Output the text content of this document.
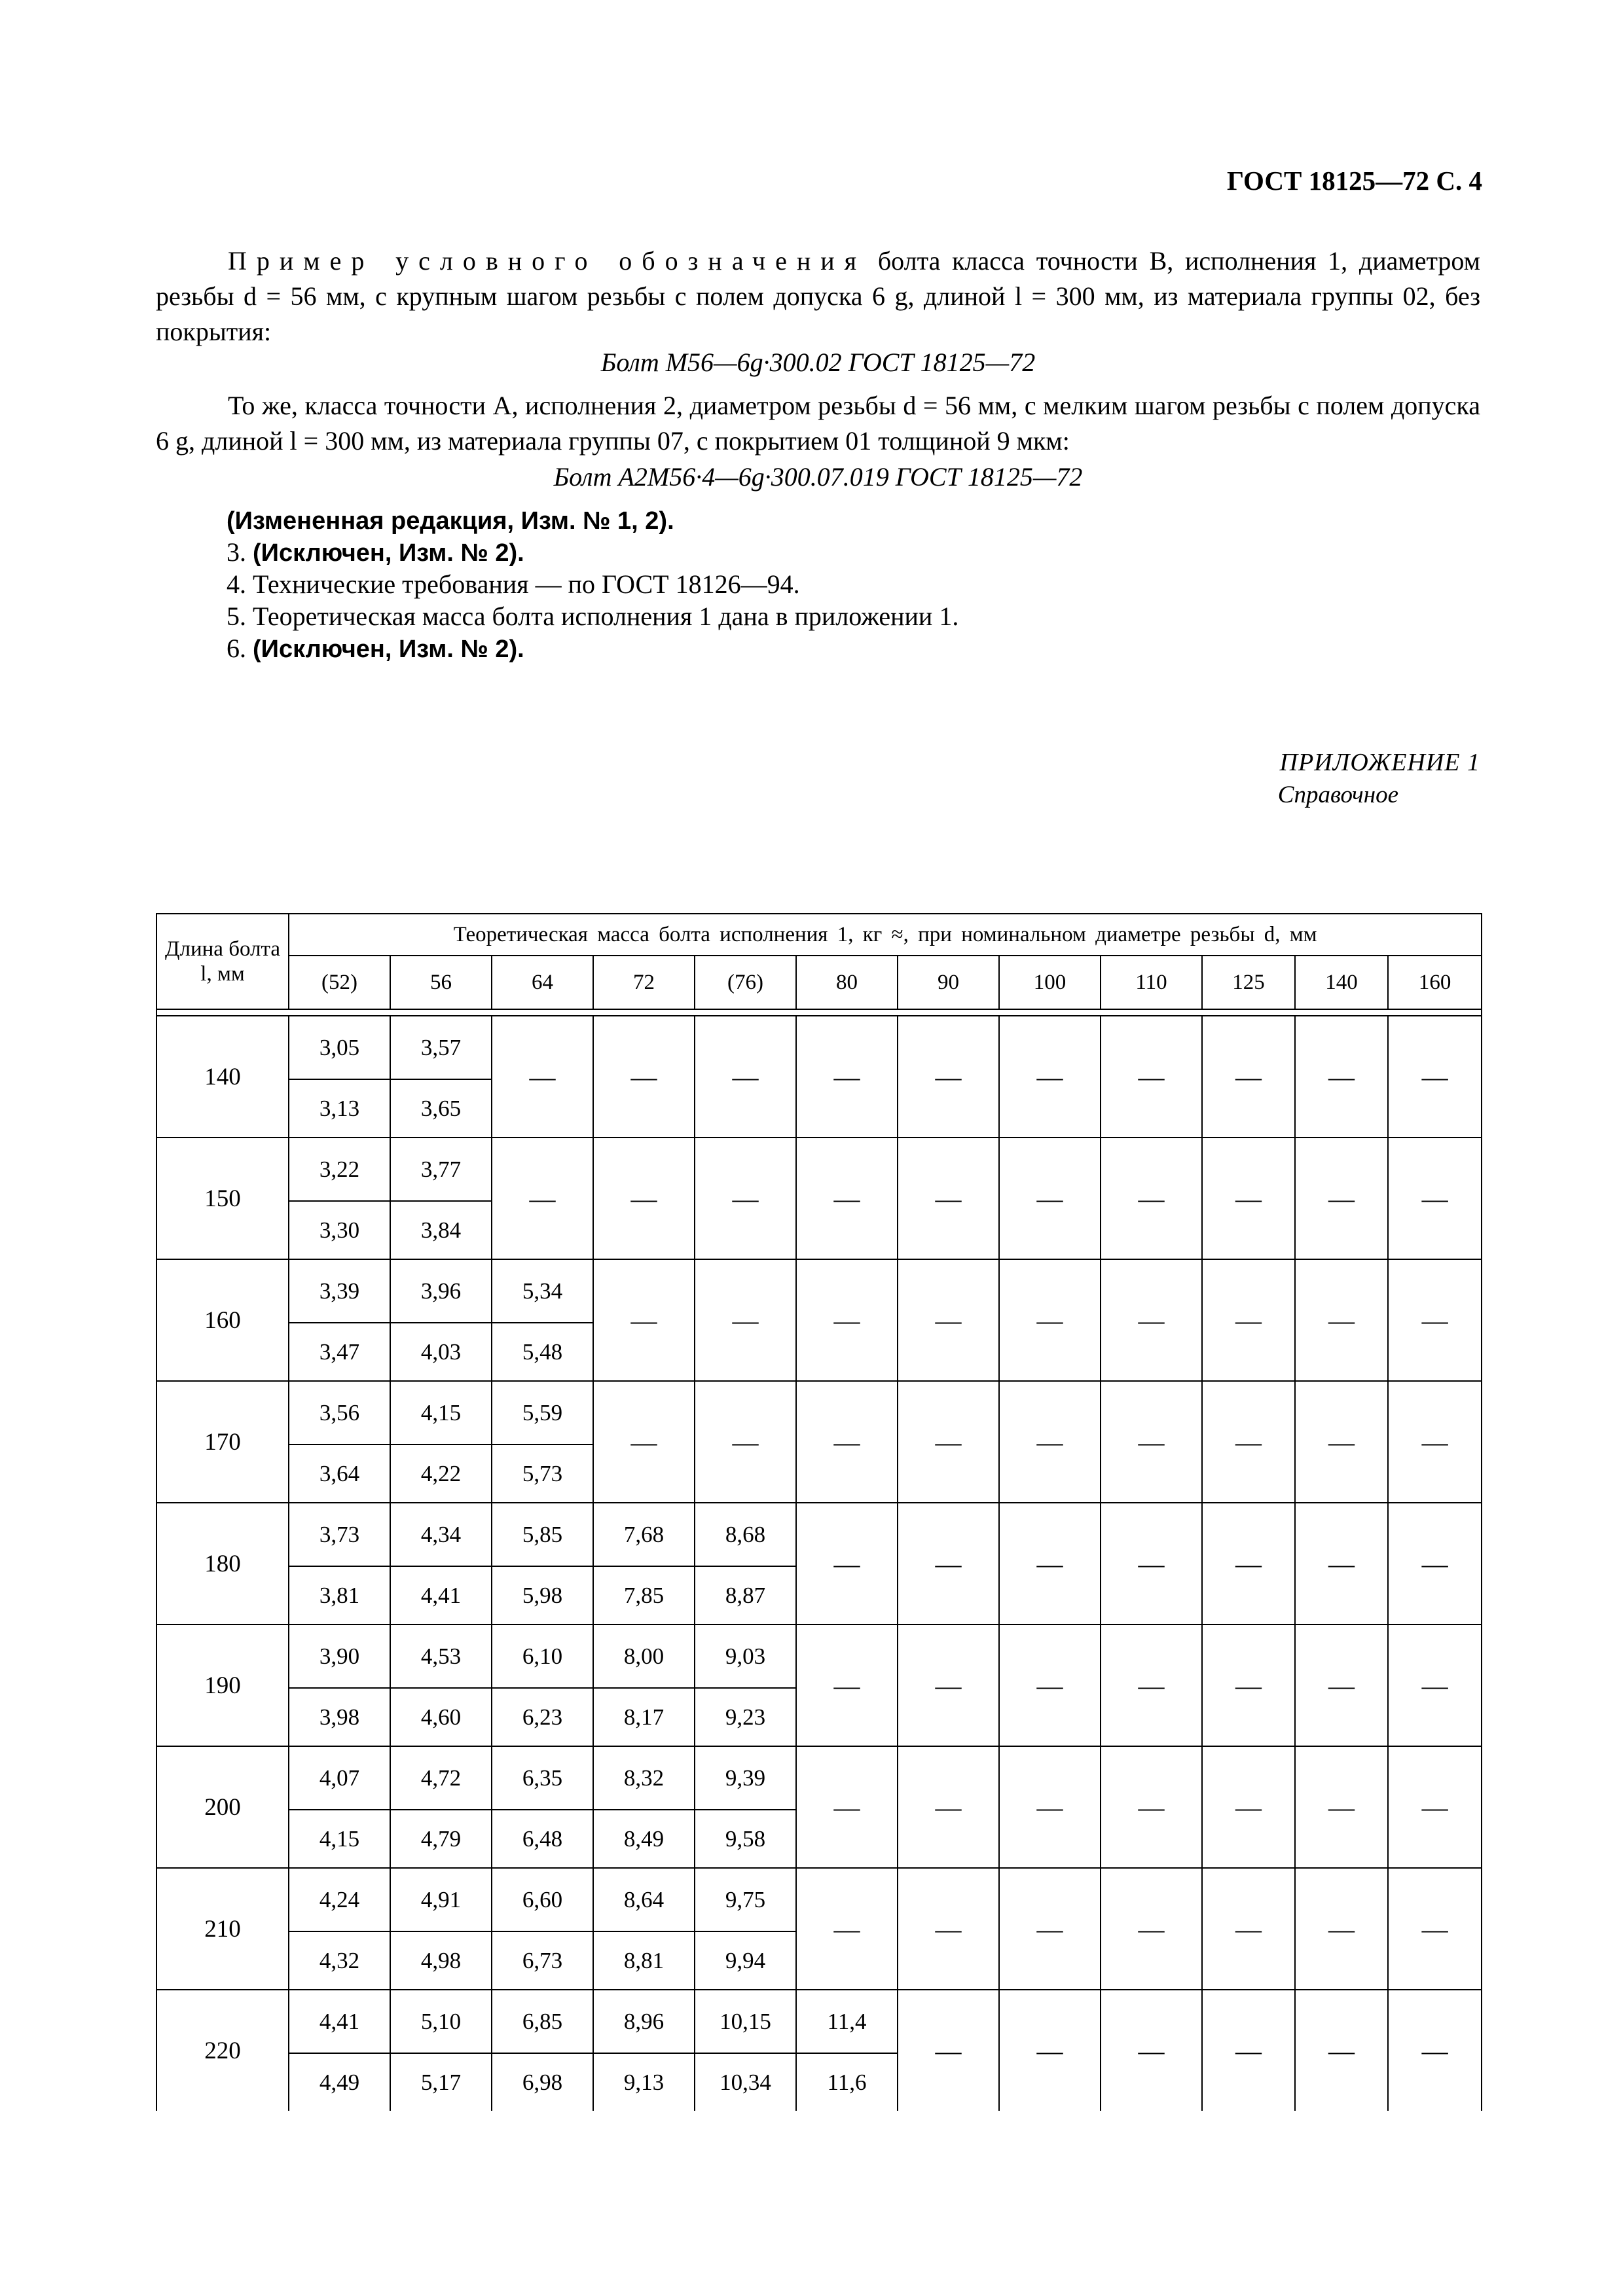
ГОСТ 18125—72 С. 4
Пример условного обозначения болта класса точности В, исполнения 1, диаметром резьбы d = 56 мм, с крупным шагом резьбы с полем допуска 6 g, длиной l = 300 мм, из материала группы 02, без покрытия:
Болт М56—6g·300.02 ГОСТ 18125—72
То же, класса точности А, исполнения 2, диаметром резьбы d = 56 мм, с мелким шагом резьбы с полем допуска 6 g, длиной l = 300 мм, из материала группы 07, с покрытием 01 толщиной 9 мкм:
Болт А2М56·4—6g·300.07.019 ГОСТ 18125—72
(Измененная редакция, Изм. № 1, 2).
3. (Исключен, Изм. № 2).
4. Технические требования — по ГОСТ 18126—94.
5. Теоретическая масса болта исполнения 1 дана в приложении 1.
6. (Исключен, Изм. № 2).
ПРИЛОЖЕНИЕ 1
Справочное
Длина болта l, мм	Теоретическая масса болта исполнения 1, кг ≈, при номинальном диаметре резьбы d, мм											
	(52)	56	64	72	(76)	80	90	100	110	125	140	160

140	3,05	3,57	—	—	—	—	—	—	—	—	—	—
	3,13	3,65										
150	3,22	3,77	—	—	—	—	—	—	—	—	—	—
	3,30	3,84										
160	3,39	3,96	5,34	—	—	—	—	—	—	—	—	—
	3,47	4,03	5,48									
170	3,56	4,15	5,59	—	—	—	—	—	—	—	—	—
	3,64	4,22	5,73									
180	3,73	4,34	5,85	7,68	8,68	—	—	—	—	—	—	—
	3,81	4,41	5,98	7,85	8,87							
190	3,90	4,53	6,10	8,00	9,03	—	—	—	—	—	—	—
	3,98	4,60	6,23	8,17	9,23							
200	4,07	4,72	6,35	8,32	9,39	—	—	—	—	—	—	—
	4,15	4,79	6,48	8,49	9,58							
210	4,24	4,91	6,60	8,64	9,75	—	—	—	—	—	—	—
	4,32	4,98	6,73	8,81	9,94							
220	4,41	5,10	6,85	8,96	10,15	11,4	—	—	—	—	—	—
	4,49	5,17	6,98	9,13	10,34	11,6						
